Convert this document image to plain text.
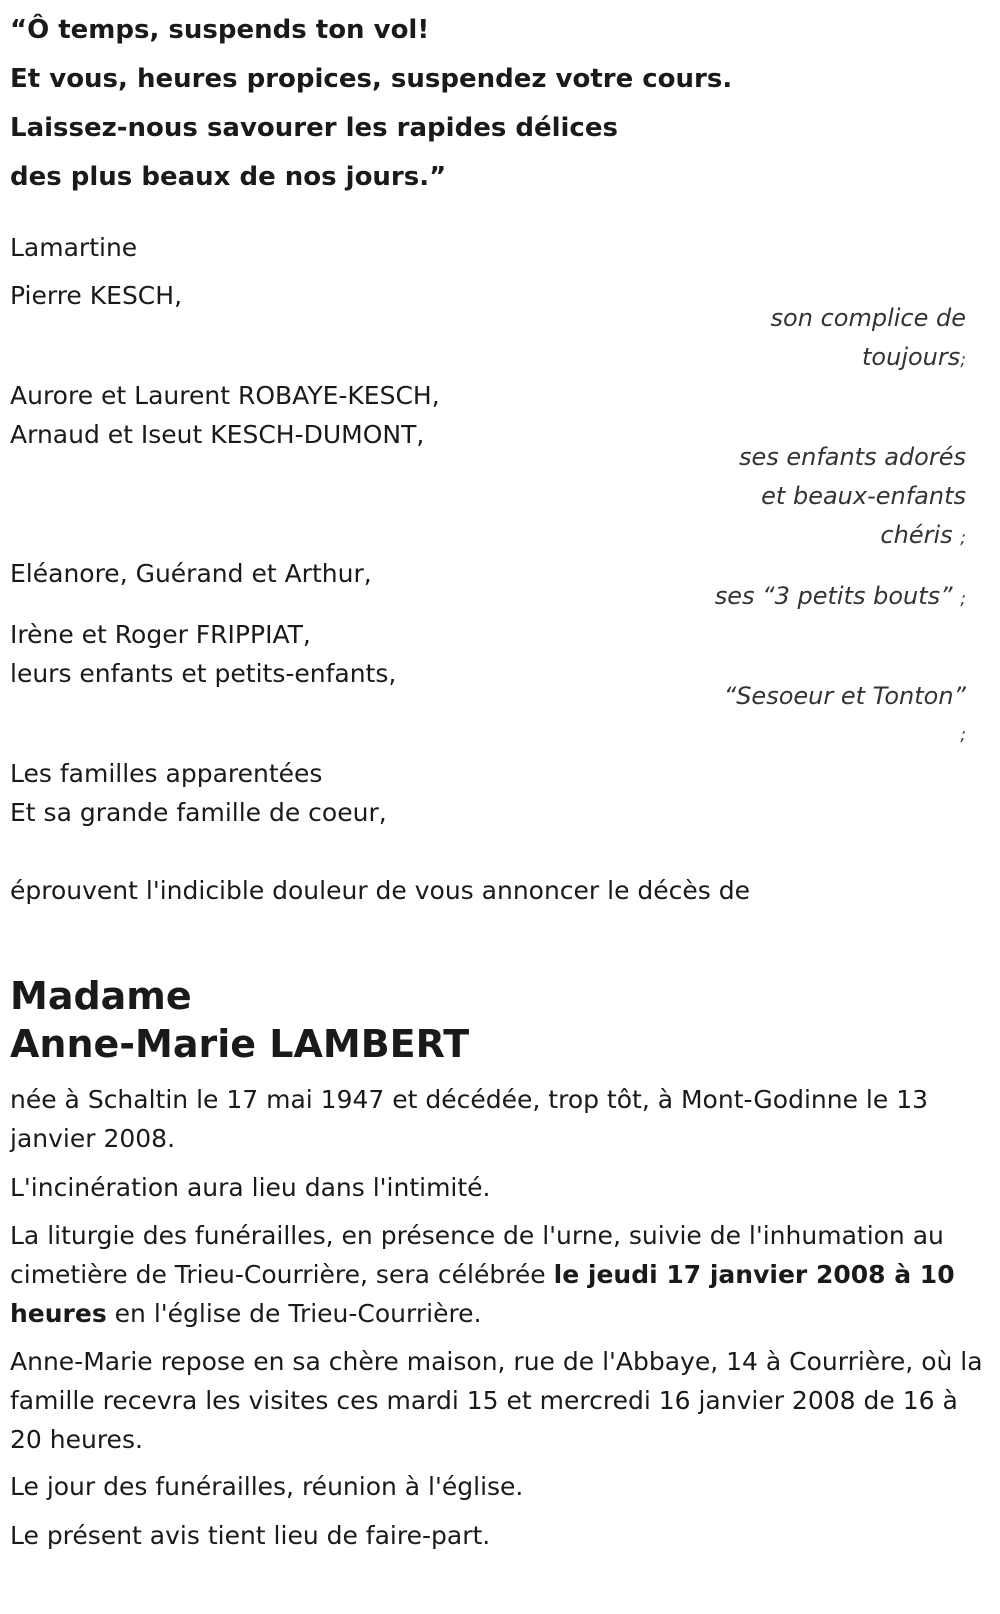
“Ô temps, suspends ton vol!
Et vous, heures propices, suspendez votre cours.
Laissez-nous savourer les rapides délices
des plus beaux de nos jours.”
Lamartine
Pierre KESCH,
son complice de toujours;
Aurore et Laurent ROBAYE-KESCH,
Arnaud et Iseut KESCH-DUMONT,
ses enfants adorés
et beaux-enfants
chéris ;
Eléanore, Guérand et Arthur,
ses “3 petits bouts” ;
Irène et Roger FRIPPIAT,
leurs enfants et petits-enfants,
“Sesoeur et Tonton”
;
Les familles apparentées
Et sa grande famille de coeur,
éprouvent l'indicible douleur de vous annoncer le décès de
Madame
Anne-Marie LAMBERT
née à Schaltin le 17 mai 1947 et décédée, trop tôt, à Mont-Godinne le 13 janvier 2008.
L'incinération aura lieu dans l'intimité.
La liturgie des funérailles, en présence de l'urne, suivie de l'inhumation au cimetière de Trieu-Courrière, sera célébrée le jeudi 17 janvier 2008 à 10 heures en l'église de Trieu-Courrière.
Anne-Marie repose en sa chère maison, rue de l'Abbaye, 14 à Courrière, où la famille recevra les visites ces mardi 15 et mercredi 16 janvier 2008 de 16 à 20 heures.
Le jour des funérailles, réunion à l'église.
Le présent avis tient lieu de faire-part.
